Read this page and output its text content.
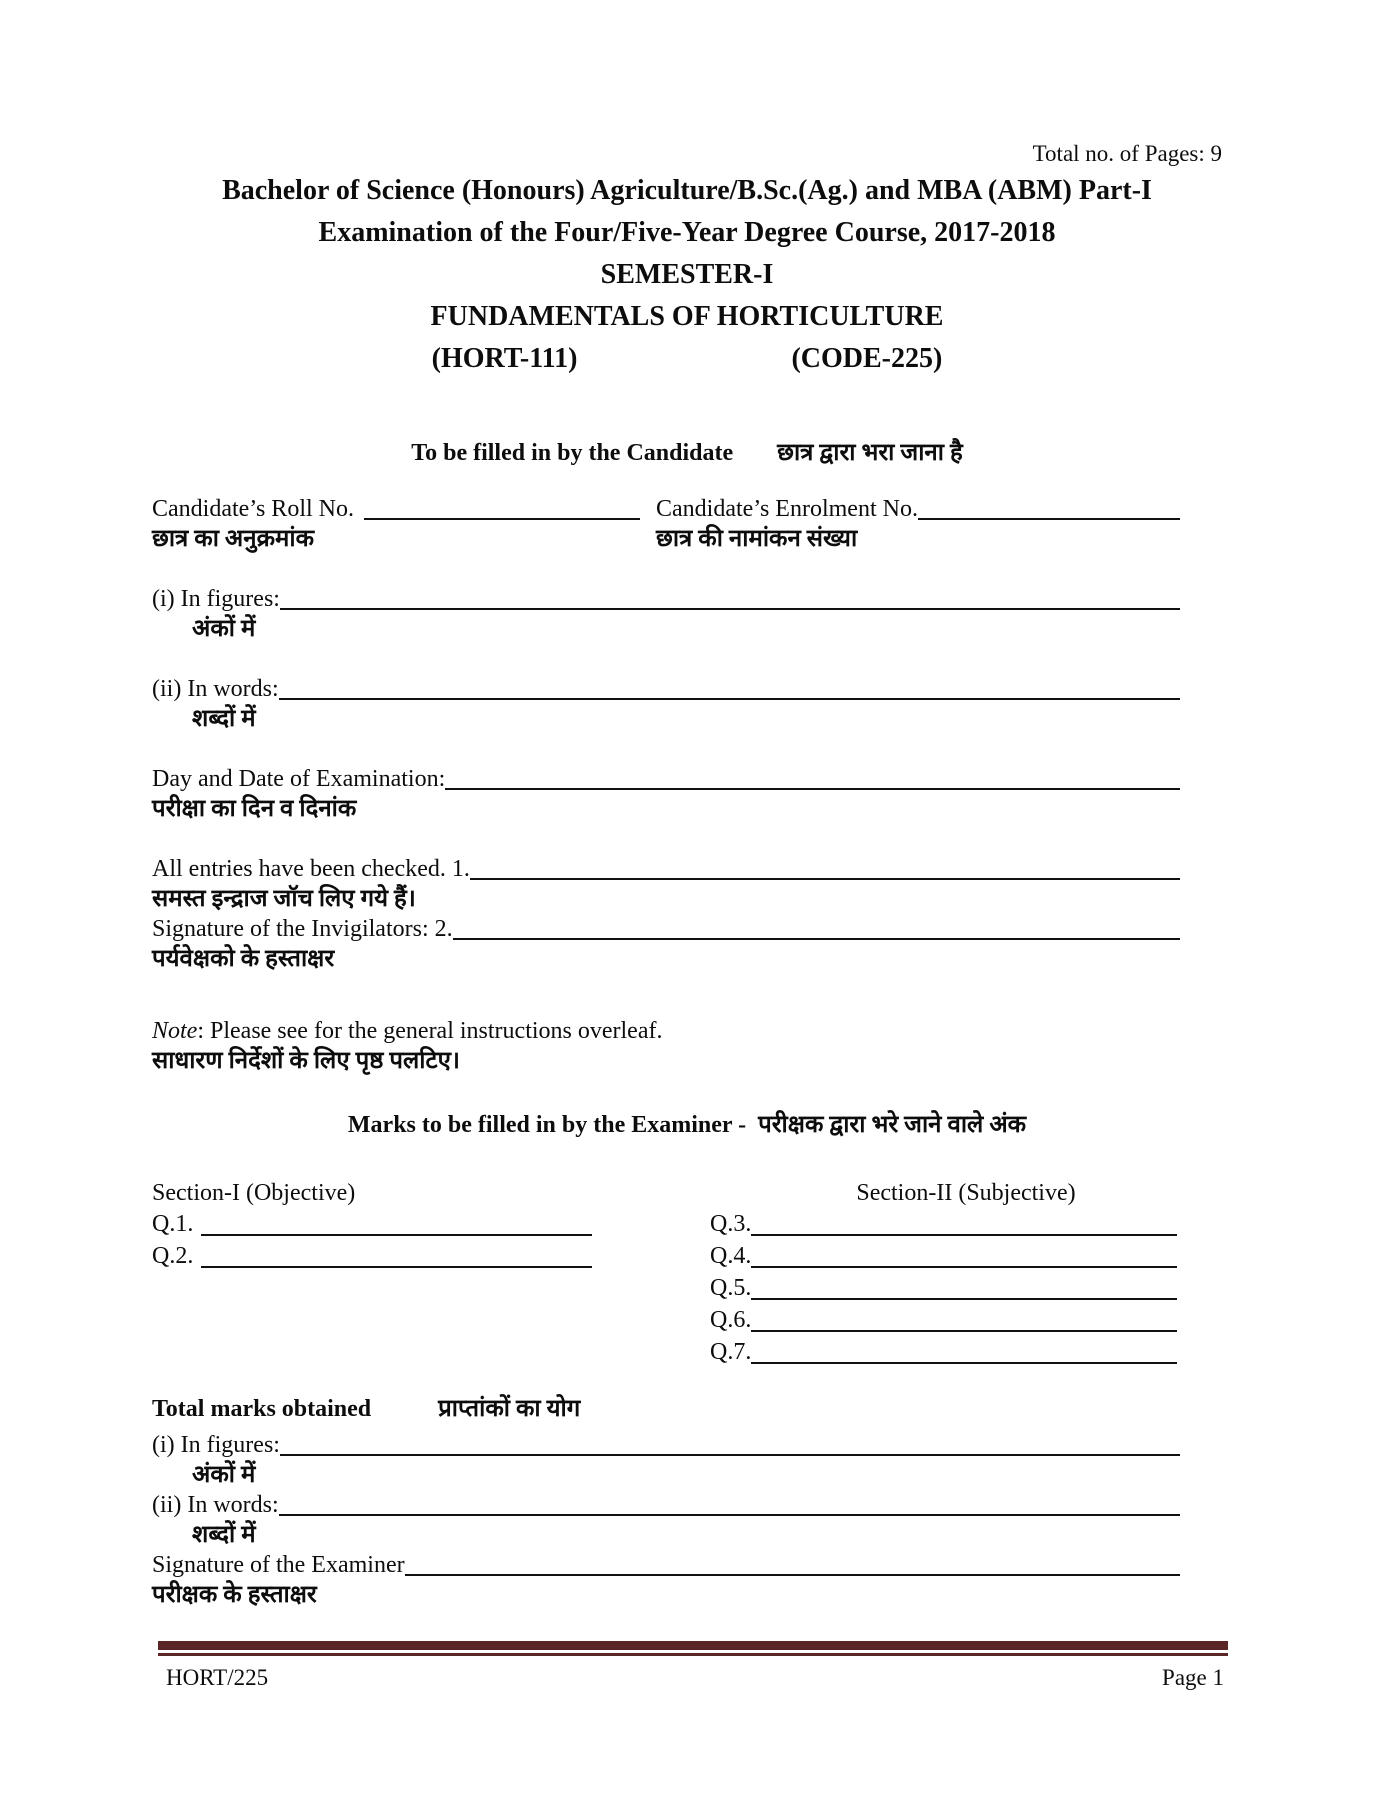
Total no. of Pages: 9
Bachelor of Science (Honours) Agriculture/B.Sc.(Ag.) and MBA (ABM) Part-I
Examination of the Four/Five-Year Degree Course, 2017-2018
SEMESTER-I
FUNDAMENTALS OF HORTICULTURE
(HORT-111)	(CODE-225)
To be filled in by the Candidate छात्र द्वारा भरा जाना है
Candidate’s Roll No.	Candidate’s Enrolment No.
छात्र का अनुक्रमांक	छात्र की नामांकन संख्या
(i) In figures:
अंकों में
(ii) In words:
शब्दों में
Day and Date of Examination:
परीक्षा का दिन व दिनांक
All entries have been checked. 1.
समस्त इन्द्राज जॉच लिए गये हैं।
Signature of the Invigilators: 2.
पर्यवेक्षको के हस्ताक्षर
Note: Please see for the general instructions overleaf.
साधारण निर्देशों के लिए पृष्ठ पलटिए।
Marks to be filled in by the Examiner - परीक्षक द्वारा भरे जाने वाले अंक
Section-I (Objective)
Q.1.
Q.2.
Section-II (Subjective)
Q.3.
Q.4.
Q.5.
Q.6.
Q.7.
Total marks obtained	प्राप्तांकों का योग
(i) In figures:
अंकों में
(ii) In words:
शब्दों में
Signature of the Examiner
परीक्षक के हस्ताक्षर
HORT/225	Page 1
